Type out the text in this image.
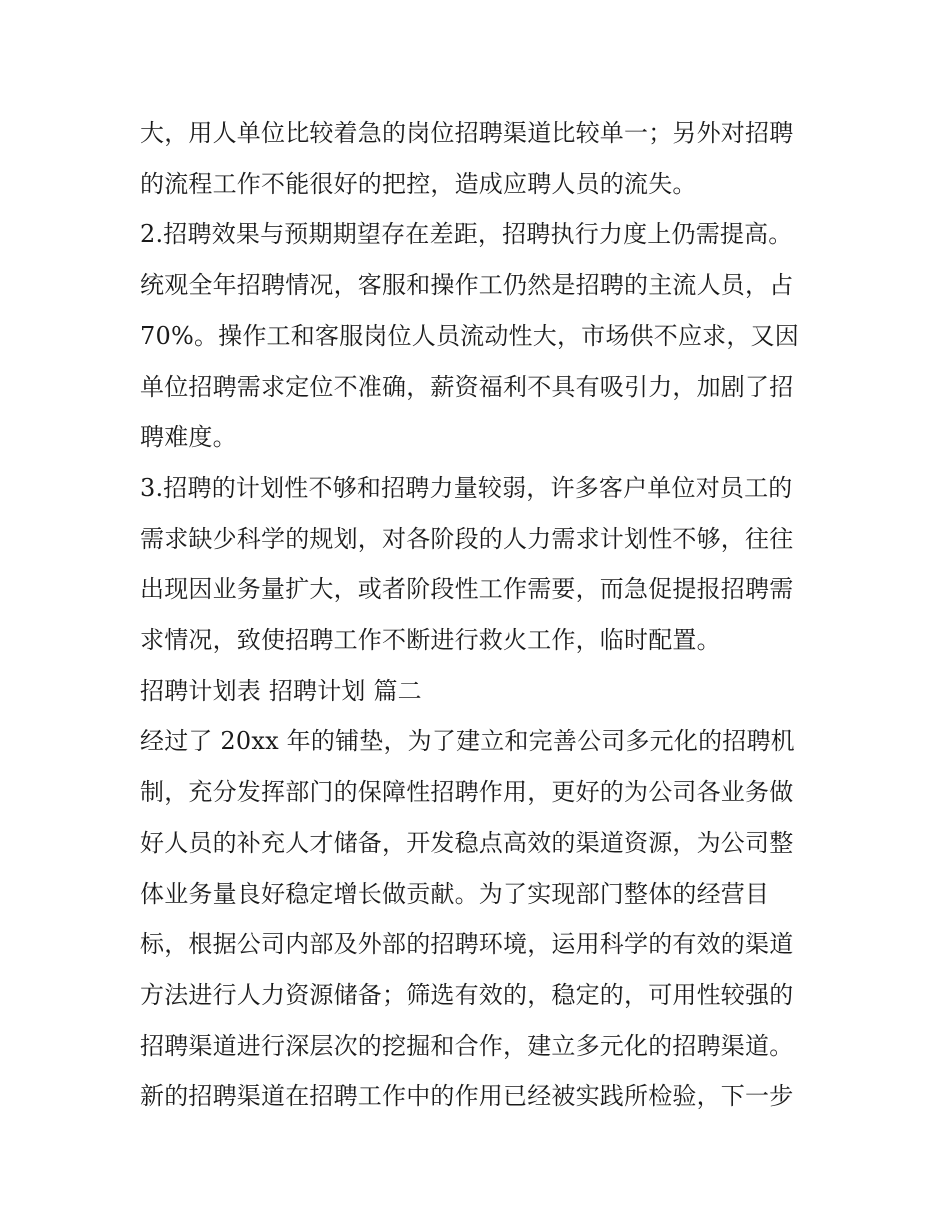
大，用人单位比较着急的岗位招聘渠道比较单一；另外对招聘
的流程工作不能很好的把控，造成应聘人员的流失。

2.招聘效果与预期期望存在差距，招聘执行力度上仍需提高。
统观全年招聘情况，客服和操作工仍然是招聘的主流人员，占
70%。操作工和客服岗位人员流动性大，市场供不应求，又因
单位招聘需求定位不准确，薪资福利不具有吸引力，加剧了招
聘难度。

3.招聘的计划性不够和招聘力量较弱，许多客户单位对员工的
需求缺少科学的规划，对各阶段的人力需求计划性不够，往往
出现因业务量扩大，或者阶段性工作需要，而急促提报招聘需
求情况，致使招聘工作不断进行救火工作，临时配置。

招聘计划表 招聘计划 篇二

经过了 20xx 年的铺垫，为了建立和完善公司多元化的招聘机
制，充分发挥部门的保障性招聘作用，更好的为公司各业务做
好人员的补充人才储备，开发稳点高效的渠道资源，为公司整
体业务量良好稳定增长做贡献。为了实现部门整体的经营目
标，根据公司内部及外部的招聘环境，运用科学的有效的渠道
方法进行人力资源储备；筛选有效的，稳定的，可用性较强的
招聘渠道进行深层次的挖掘和合作，建立多元化的招聘渠道。
新的招聘渠道在招聘工作中的作用已经被实践所检验，下一步
